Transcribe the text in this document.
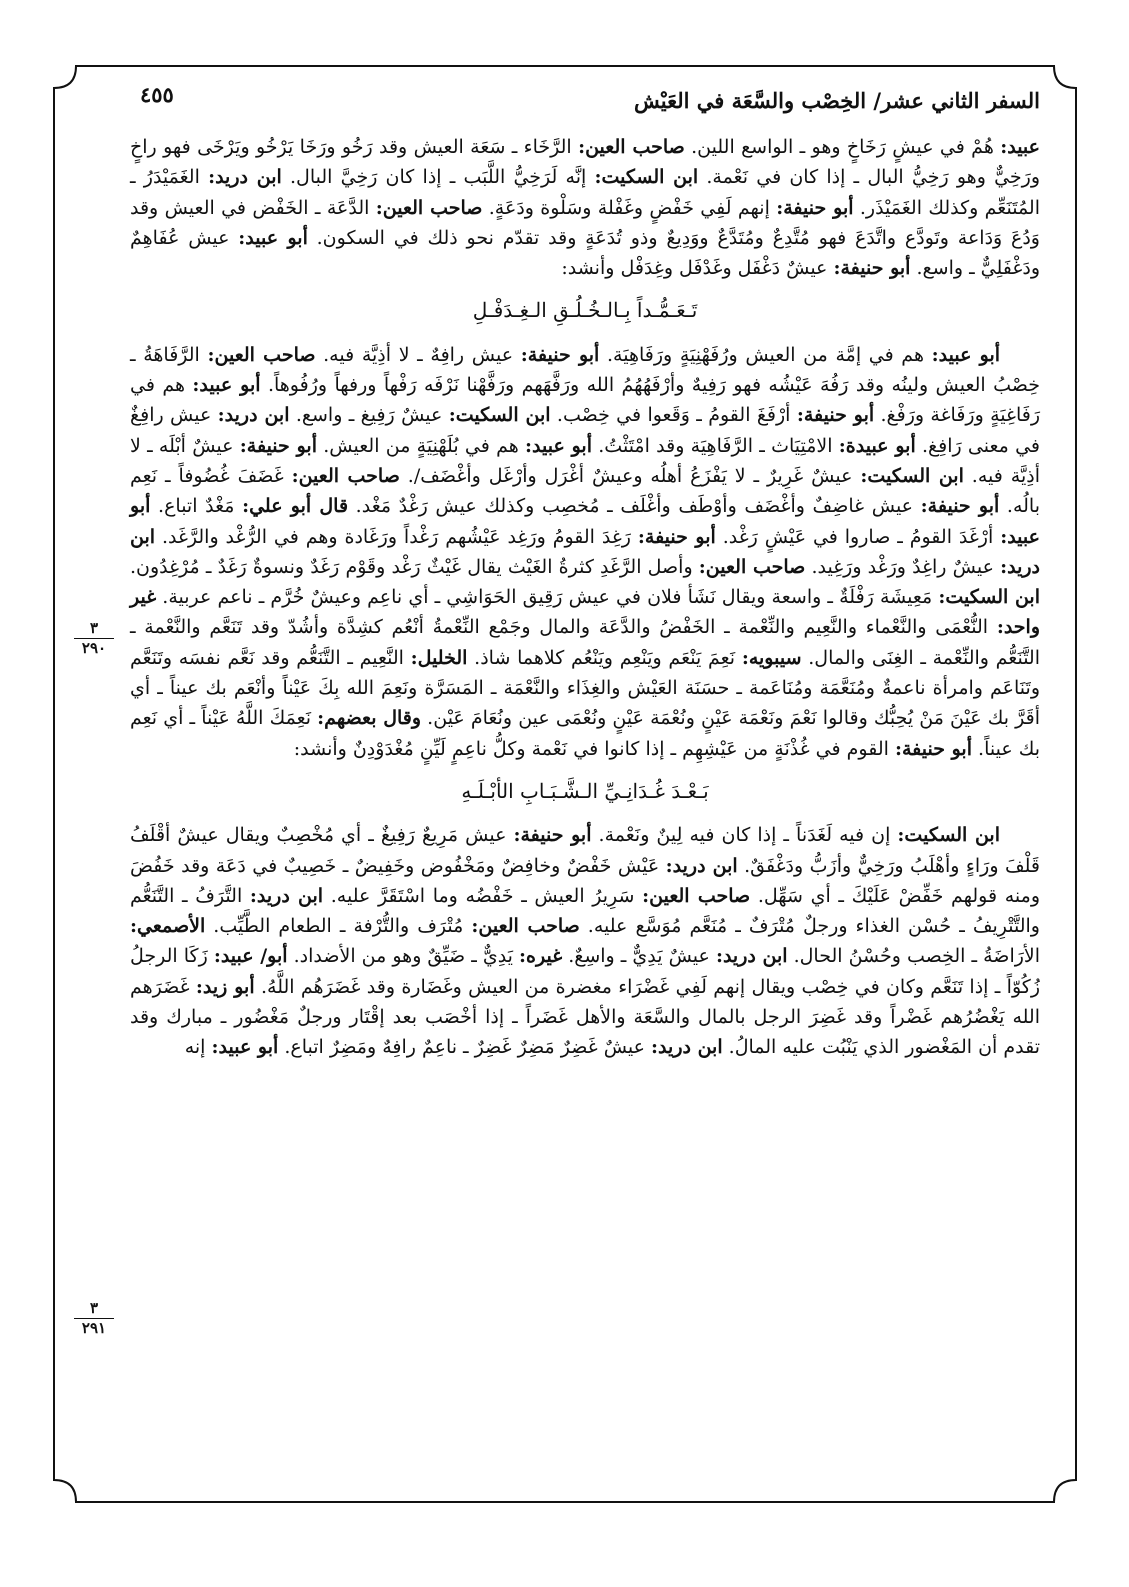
السفر الثاني عشر/ الخِصْب والسَّعَة في العَيْش
٤٥٥
٣
٢٩٠
٣
٢٩١

عبيد: هُمْ في عيشٍ رَخَاخٍ وهو ـ الواسع اللين. صاحب العين: الرَّخَاء ـ سَعَة العيش وقد رَخُو ورَخَا يَرْخُو ويَرْخَى فهو راخٍ ورَخِيٌّ وهو رَخِيُّ البال ـ إذا كان في نَعْمة. ابن السكيت: إنَّه لَرَخِيُّ اللَّبَب ـ إذا كان رَخِيَّ البال. ابن دريد: الغَمَيْدَرُ ـ المُتَنَعِّم وكذلك الغَمَيْذَر. أبو حنيفة: إنهم لَفِي خَفْضٍ وغَفْلة وسَلْوة ودَعَةٍ. صاحب العين: الدَّعَة ـ الخَفْض في العيش وقد وَدُعَ وَدَاعة وتَودَّع واتَّدَعَ فهو مُتَّدِعٌ ومُتَدَّعٌ ووَدِيعٌ وذو تُدَعَةٍ وقد تقدّم نحو ذلك في السكون. أبو عبيد: عيش عُفَاهِمٌ ودَغْفَلِيٌّ ـ واسع. أبو حنيفة: عيشٌ دَغْفَل وغَدْفَل وغِدَفْل وأنشد:

تَـعَـمُّـداً بِـالـخُـلُـقِ الـغِـدَفْـلِ

أبو عبيد: هم في إمَّة من العيش ورُفَهْنِيَةٍ ورَفَاهِيَة. أبو حنيفة: عيش رافِهٌ ـ لا أذِيَّة فيه. صاحب العين: الرَّفَاهَةُ ـ خِصْبُ العيش ولينُه وقد رَفُهَ عَيْشُه فهو رَفِيهٌ وأرْفَهُهُمُ الله ورَفَّهَهم ورَفَّهْنا نَرْفَه رَفْهاً ورفهاً ورُفُوهاً. أبو عبيد: هم في رَفَاغِيَةٍ ورَفَاغة ورَفْغ. أبو حنيفة: أرْفَغَ القومُ ـ وَقَعوا في خِصْب. ابن السكيت: عيشٌ رَفِيغ ـ واسع. ابن دريد: عيش رافِغٌ في معنى رَافِغ. أبو عبيدة: الامْتِيَاث ـ الرَّفَاهِيَة وقد امْتَثْتُ. أبو عبيد: هم في بُلَهْنِيَةٍ من العيش. أبو حنيفة: عيشٌ أبْلَه ـ لا أذِيَّة فيه. ابن السكيت: عيشٌ غَرِيرٌ ـ لا يَفْزَعُ أهلُه وعيشٌ أغْرَل وأرْغَل وأغْضَف/. صاحب العين: غَضَفَ غُضُوفاً ـ نَعِم بالُه. أبو حنيفة: عيش غاضِفٌ وأغْضَف وأوْطَف وأغْلَف ـ مُخصِب وكذلك عيش رَغْدٌ مَغْد. قال أبو علي: مَغْدٌ اتباع. أبو عبيد: أرْغَدَ القومُ ـ صاروا في عَيْشٍ رَغْد. أبو حنيفة: رَغِدَ القومُ ورَغِد عَيْشُهم رَغْداً ورَغَادة وهم في الرُّغْد والرَّغَد. ابن دريد: عيشٌ راغِدٌ ورَغْد ورَغِيد. صاحب العين: وأصل الرَّغَدِ كثرةُ الغَيْث يقال غَيْثٌ رَغْد وقَوْم رَغَدٌ ونسوةٌ رَغَدٌ ـ مُرْغِدُون. ابن السكيت: مَعِيشَة رَفْلَةٌ ـ واسعة ويقال نَشَأ فلان في عيش رَقِيق الحَوَاشِي ـ أي ناعِم وعيشٌ خُرَّم ـ ناعم عربية. غير واحد: النُّعْمَى والنَّعْماء والنَّعِيم والنِّعْمة ـ الخَفْضُ والدَّعَة والمال وجَمْع النِّعْمةُ أنْعُم كشِدَّة وأشُدّ وقد تَنَعَّم والنَّعْمة ـ التَّنَعُّم والنِّعْمة ـ الغِنَى والمال. سيبويه: نَعِمَ يَنْعَم ويَنْعِم ويَنْعُم كلاهما شاذ. الخليل: النَّعِيم ـ التَّنَعُّم وقد نَعَّم نفسَه وتَنَعَّم وتَنَاعَم وامرأة ناعمةٌ ومُنَعَّمَة ومُنَاعَمة ـ حسَنَة العَيْش والغِذَاء والنَّعْمَة ـ المَسَرَّة ونَعِمَ الله بِكَ عَيْناً وأنْعَم بك عيناً ـ أي أقَرَّ بك عَيْنَ مَنْ يُحِبُّك وقالوا نَعْمَ ونَعْمَة عَيْنٍ ونُعْمَة عَيْنٍ ونُعْمَى عين ونُعَامَ عَيْن. وقال بعضهم: نَعِمَكَ اللَّهُ عَيْناً ـ أي نَعِم بك عيناً. أبو حنيفة: القوم في غُذْنَةٍ من عَيْشِهِم ـ إذا كانوا في نَعْمة وكلُّ ناعِمٍ لَيِّنٍ مُغْدَوْدِنٌ وأنشد:

بَـعْـدَ غُـدَانِـيِّ الـشَّـبَـابِ الأبْـلَـهِ

ابن السكيت: إن فيه لَغَدَناً ـ إذا كان فيه لِينٌ ونَعْمة. أبو حنيفة: عيش مَرِيعٌ رَفِيغٌ ـ أي مُخْصِبٌ ويقال عيشٌ أقْلَفُ قَلْفَ ورَاءٍ وأهْلَبُ ورَخِيٌّ وأزَبُّ ودَغْفَقٌ. ابن دريد: عَيْش خَفْضٌ وخافِضٌ ومَخْفُوض وخَفِيضٌ ـ خَصِيبٌ في دَعَة وقد خَفُضَ ومنه قولهم خَفِّضْ عَلَيْكَ ـ أي سَهِّل. صاحب العين: سَرِيرُ العيش ـ خَفْضُه وما اسْتَقَرَّ عليه. ابن دريد: التَّرَفُ ـ التَّنَعُّم والتَّتْرِيفُ ـ حُسْن الغذاء ورجلٌ مُتْرَفٌ ـ مُنَعَّم مُوَسَّع عليه. صاحب العين: مُتْرَف والتُّرْفة ـ الطعام الطَّيِّب. الأصمعي: الأرَاضَةُ ـ الخِصب وحُسْنُ الحال. ابن دريد: عيشٌ يَدِيٌّ ـ واسِعٌ. غيره: يَدِيٌّ ـ ضَيِّقٌ وهو من الأضداد. أبو/ عبيد: زَكَا الرجلُ زُكُوّاً ـ إذا تَنَعَّم وكان في خِصْب ويقال إنهم لَفِي غَضْرَاء مغضرة من العيش وغَضَارة وقد غَضَرَهُم اللَّهُ. أبو زيد: غَضَرَهم الله يَغْضُرُهم غَضْراً وقد غَضِرَ الرجل بالمال والسَّعَة والأهل غَضَراً ـ إذا أخْصَب بعد إقْتَار ورجلٌ مَغْضُور ـ مبارك وقد تقدم أن المَغْضور الذي يَنْبُت عليه المالُ. ابن دريد: عيشٌ غَضِرٌ مَضِرٌ غَضِرٌ ـ ناعِمٌ رافِهٌ ومَضِرٌ اتباع. أبو عبيد: إنه
